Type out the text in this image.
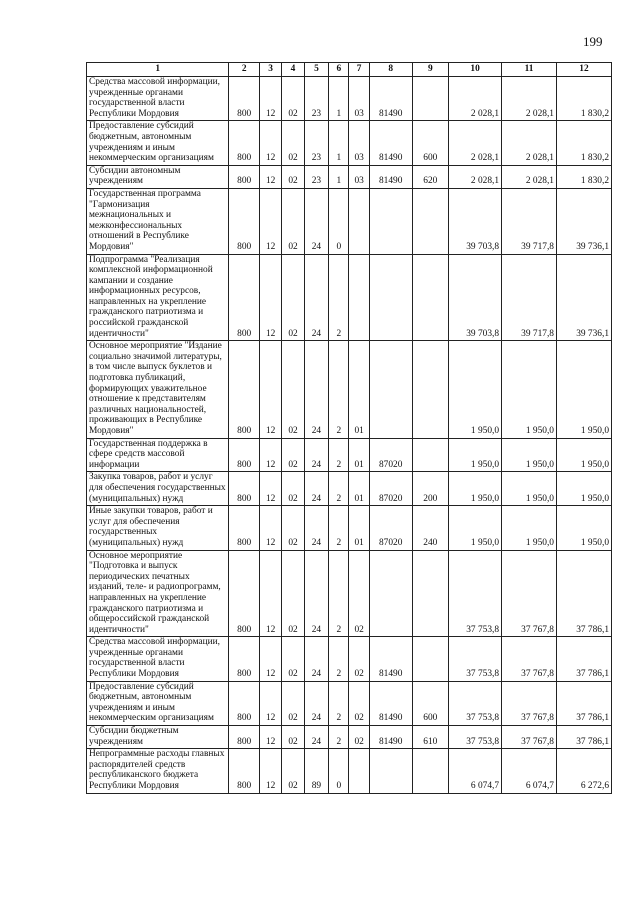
199
1	2	3	4	5	6	7	8	9	10	11	12
Средства массовой информации, учрежденные органами государственной власти Республики Мордовия	800	12	02	23	1	03	81490		2 028,1	2 028,1	1 830,2
Предоставление субсидий бюджетным, автономным учреждениям и иным некоммерческим организациям	800	12	02	23	1	03	81490	600	2 028,1	2 028,1	1 830,2
Субсидии автономным учреждениям	800	12	02	23	1	03	81490	620	2 028,1	2 028,1	1 830,2
Государственная программа "Гармонизация межнациональных и межконфессиональных отношений в Республике Мордовия"	800	12	02	24	0				39 703,8	39 717,8	39 736,1
Подпрограмма "Реализация комплексной информационной кампании и создание информационных ресурсов, направленных на укрепление гражданского патриотизма и российской гражданской идентичности"	800	12	02	24	2				39 703,8	39 717,8	39 736,1
Основное мероприятие "Издание социально значимой литературы, в том числе выпуск буклетов и подготовка публикаций, формирующих уважительное отношение к представителям различных национальностей, проживающих в Республике Мордовия"	800	12	02	24	2	01			1 950,0	1 950,0	1 950,0
Государственная поддержка в сфере средств массовой информации	800	12	02	24	2	01	87020		1 950,0	1 950,0	1 950,0
Закупка товаров, работ и услуг для обеспечения государственных (муниципальных) нужд	800	12	02	24	2	01	87020	200	1 950,0	1 950,0	1 950,0
Иные закупки товаров, работ и услуг для обеспечения государственных (муниципальных) нужд	800	12	02	24	2	01	87020	240	1 950,0	1 950,0	1 950,0
Основное мероприятие "Подготовка и выпуск периодических печатных изданий, теле- и радиопрограмм, направленных на укрепление гражданского патриотизма и общероссийской гражданской идентичности"	800	12	02	24	2	02			37 753,8	37 767,8	37 786,1
Средства массовой информации, учрежденные органами государственной власти Республики Мордовия	800	12	02	24	2	02	81490		37 753,8	37 767,8	37 786,1
Предоставление субсидий бюджетным, автономным учреждениям и иным некоммерческим организациям	800	12	02	24	2	02	81490	600	37 753,8	37 767,8	37 786,1
Субсидии бюджетным учреждениям	800	12	02	24	2	02	81490	610	37 753,8	37 767,8	37 786,1
Непрограммные расходы главных распорядителей средств республиканского бюджета Республики Мордовия	800	12	02	89	0				6 074,7	6 074,7	6 272,6
